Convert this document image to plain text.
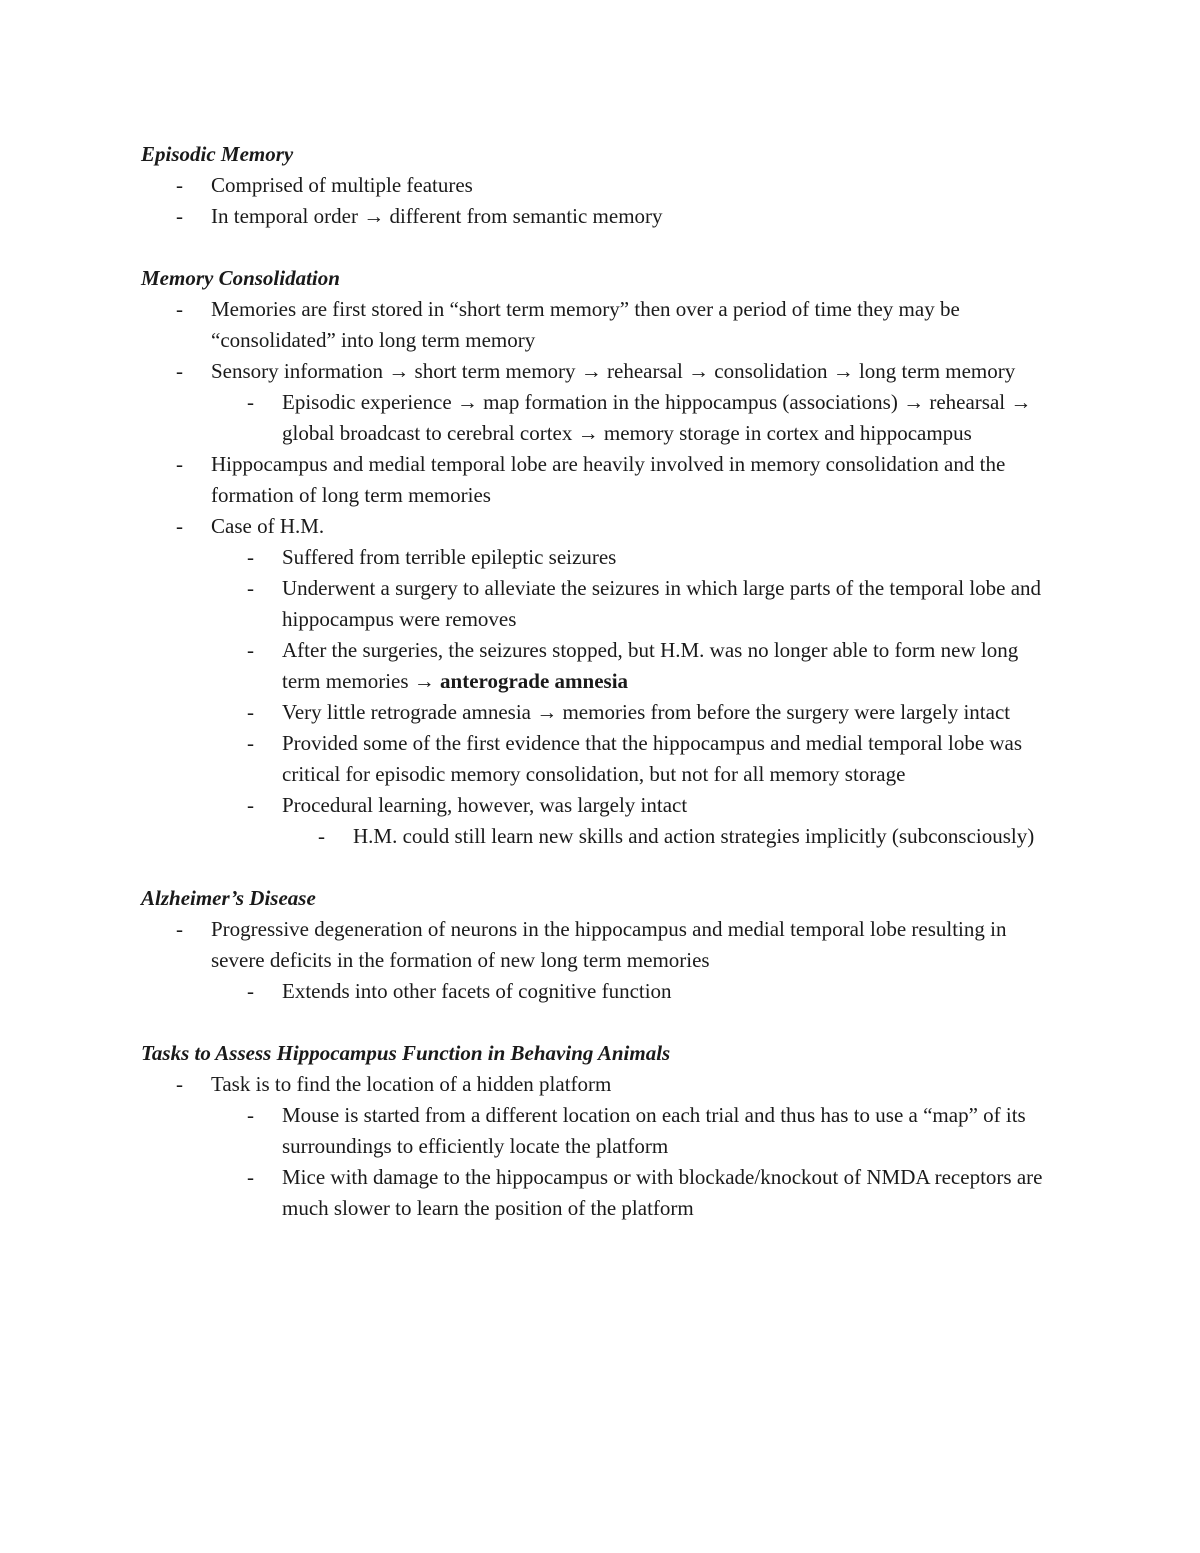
Episodic Memory
- Comprised of multiple features
- In temporal order → different from semantic memory
Memory Consolidation
- Memories are first stored in “short term memory” then over a period of time they may be “consolidated” into long term memory
- Sensory information → short term memory → rehearsal → consolidation → long term memory
- Episodic experience → map formation in the hippocampus (associations) → rehearsal → global broadcast to cerebral cortex → memory storage in cortex and hippocampus
- Hippocampus and medial temporal lobe are heavily involved in memory consolidation and the formation of long term memories
- Case of H.M.
- Suffered from terrible epileptic seizures
- Underwent a surgery to alleviate the seizures in which large parts of the temporal lobe and hippocampus were removes
- After the surgeries, the seizures stopped, but H.M. was no longer able to form new long term memories → anterograde amnesia
- Very little retrograde amnesia → memories from before the surgery were largely intact
- Provided some of the first evidence that the hippocampus and medial temporal lobe was critical for episodic memory consolidation, but not for all memory storage
- Procedural learning, however, was largely intact
- H.M. could still learn new skills and action strategies implicitly (subconsciously)
Alzheimer’s Disease
- Progressive degeneration of neurons in the hippocampus and medial temporal lobe resulting in severe deficits in the formation of new long term memories
- Extends into other facets of cognitive function
Tasks to Assess Hippocampus Function in Behaving Animals
- Task is to find the location of a hidden platform
- Mouse is started from a different location on each trial and thus has to use a “map” of its surroundings to efficiently locate the platform
- Mice with damage to the hippocampus or with blockade/knockout of NMDA receptors are much slower to learn the position of the platform
